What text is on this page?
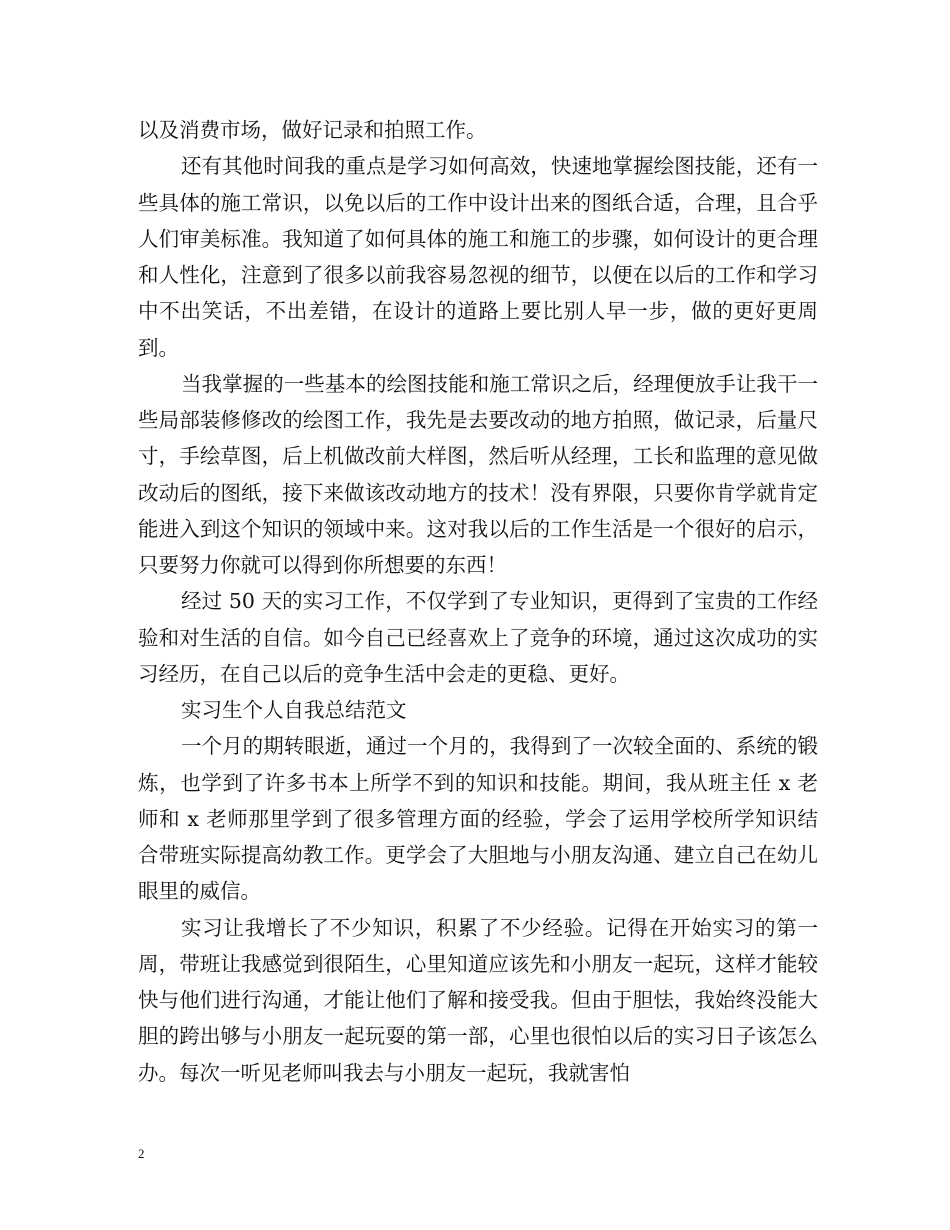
以及消费市场，做好记录和拍照工作。

还有其他时间我的重点是学习如何高效，快速地掌握绘图技能，还有一些具体的施工常识，以免以后的工作中设计出来的图纸合适，合理，且合乎人们审美标准。我知道了如何具体的施工和施工的步骤，如何设计的更合理和人性化，注意到了很多以前我容易忽视的细节，以便在以后的工作和学习中不出笑话，不出差错，在设计的道路上要比别人早一步，做的更好更周到。

当我掌握的一些基本的绘图技能和施工常识之后，经理便放手让我干一些局部装修修改的绘图工作，我先是去要改动的地方拍照，做记录，后量尺寸，手绘草图，后上机做改前大样图，然后听从经理，工长和监理的意见做改动后的图纸，接下来做该改动地方的技术！没有界限，只要你肯学就肯定能进入到这个知识的领域中来。这对我以后的工作生活是一个很好的启示，只要努力你就可以得到你所想要的东西！

经过 50 天的实习工作，不仅学到了专业知识，更得到了宝贵的工作经验和对生活的自信。如今自己已经喜欢上了竞争的环境，通过这次成功的实习经历，在自己以后的竞争生活中会走的更稳、更好。

实习生个人自我总结范文

一个月的期转眼逝，通过一个月的，我得到了一次较全面的、系统的锻炼，也学到了许多书本上所学不到的知识和技能。期间，我从班主任 x 老师和 x 老师那里学到了很多管理方面的经验，学会了运用学校所学知识结合带班实际提高幼教工作。更学会了大胆地与小朋友沟通、建立自己在幼儿眼里的威信。

实习让我增长了不少知识，积累了不少经验。记得在开始实习的第一周，带班让我感觉到很陌生，心里知道应该先和小朋友一起玩，这样才能较快与他们进行沟通，才能让他们了解和接受我。但由于胆怯，我始终没能大胆的跨出够与小朋友一起玩耍的第一部，心里也很怕以后的实习日子该怎么办。每次一听见老师叫我去与小朋友一起玩，我就害怕

2
